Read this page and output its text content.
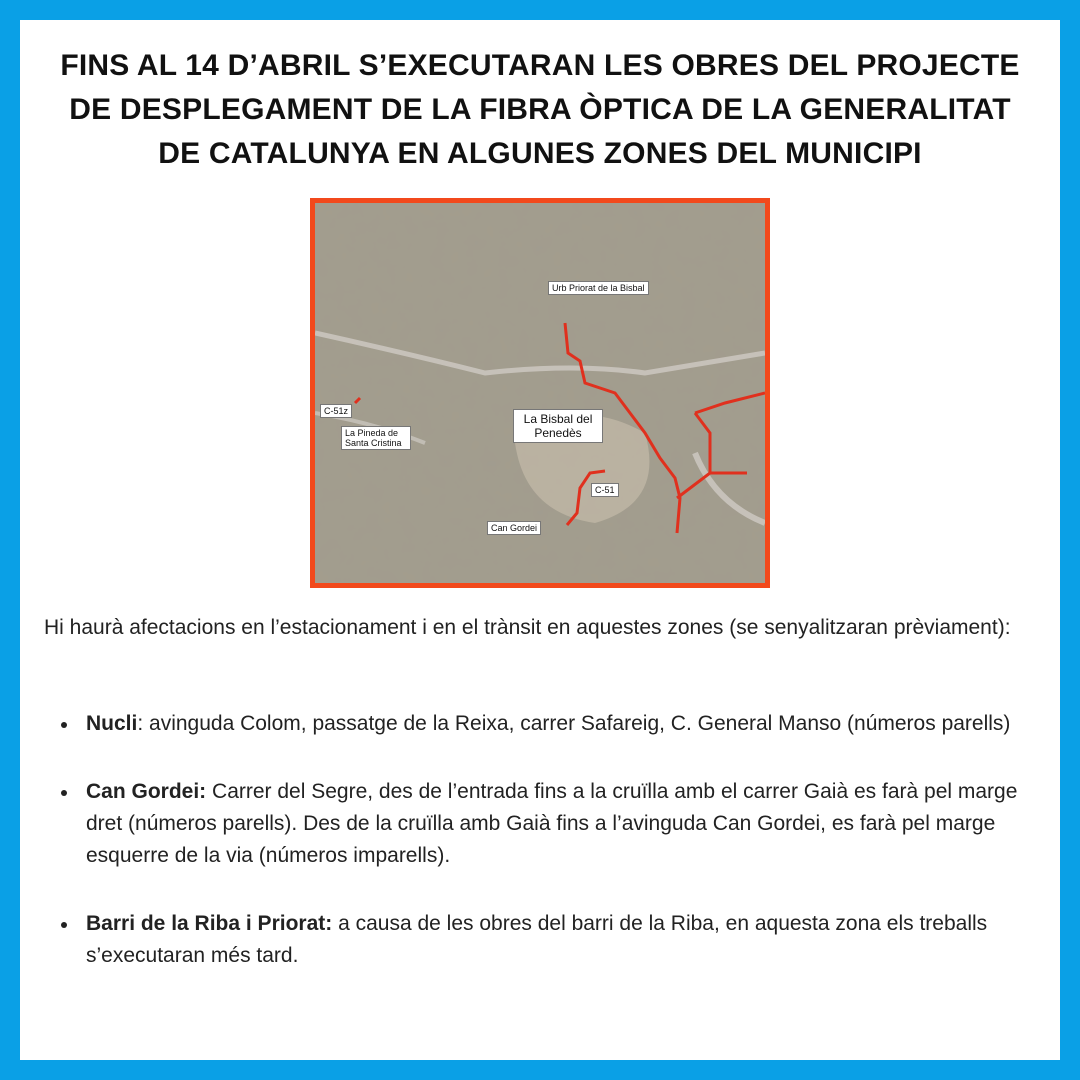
FINS AL 14 D’ABRIL S’EXECUTARAN LES OBRES DEL PROJECTE DE DESPLEGAMENT DE LA FIBRA ÒPTICA DE LA GENERALITAT DE CATALUNYA EN ALGUNES ZONES DEL MUNICIPI
Urb Priorat de la Bisbal
C-51z
La Pineda de Santa Cristina
La Bisbal del Penedès
C-51
Can Gordei
Hi haurà afectacions en l’estacionament i en el trànsit en aquestes zones (se senyalitzaran prèviament):
Nucli: avinguda Colom, passatge de la Reixa, carrer Safareig, C. General Manso (números parells)
Can Gordei: Carrer del Segre, des de l’entrada fins a la cruïlla amb el carrer Gaià es farà pel marge dret (números parells). Des de la cruïlla amb Gaià fins a l’avinguda Can Gordei, es farà pel marge esquerre de la via (números imparells).
Barri de la Riba i Priorat: a causa de les obres del barri de la Riba, en aquesta zona els treballs s’executaran més tard.
